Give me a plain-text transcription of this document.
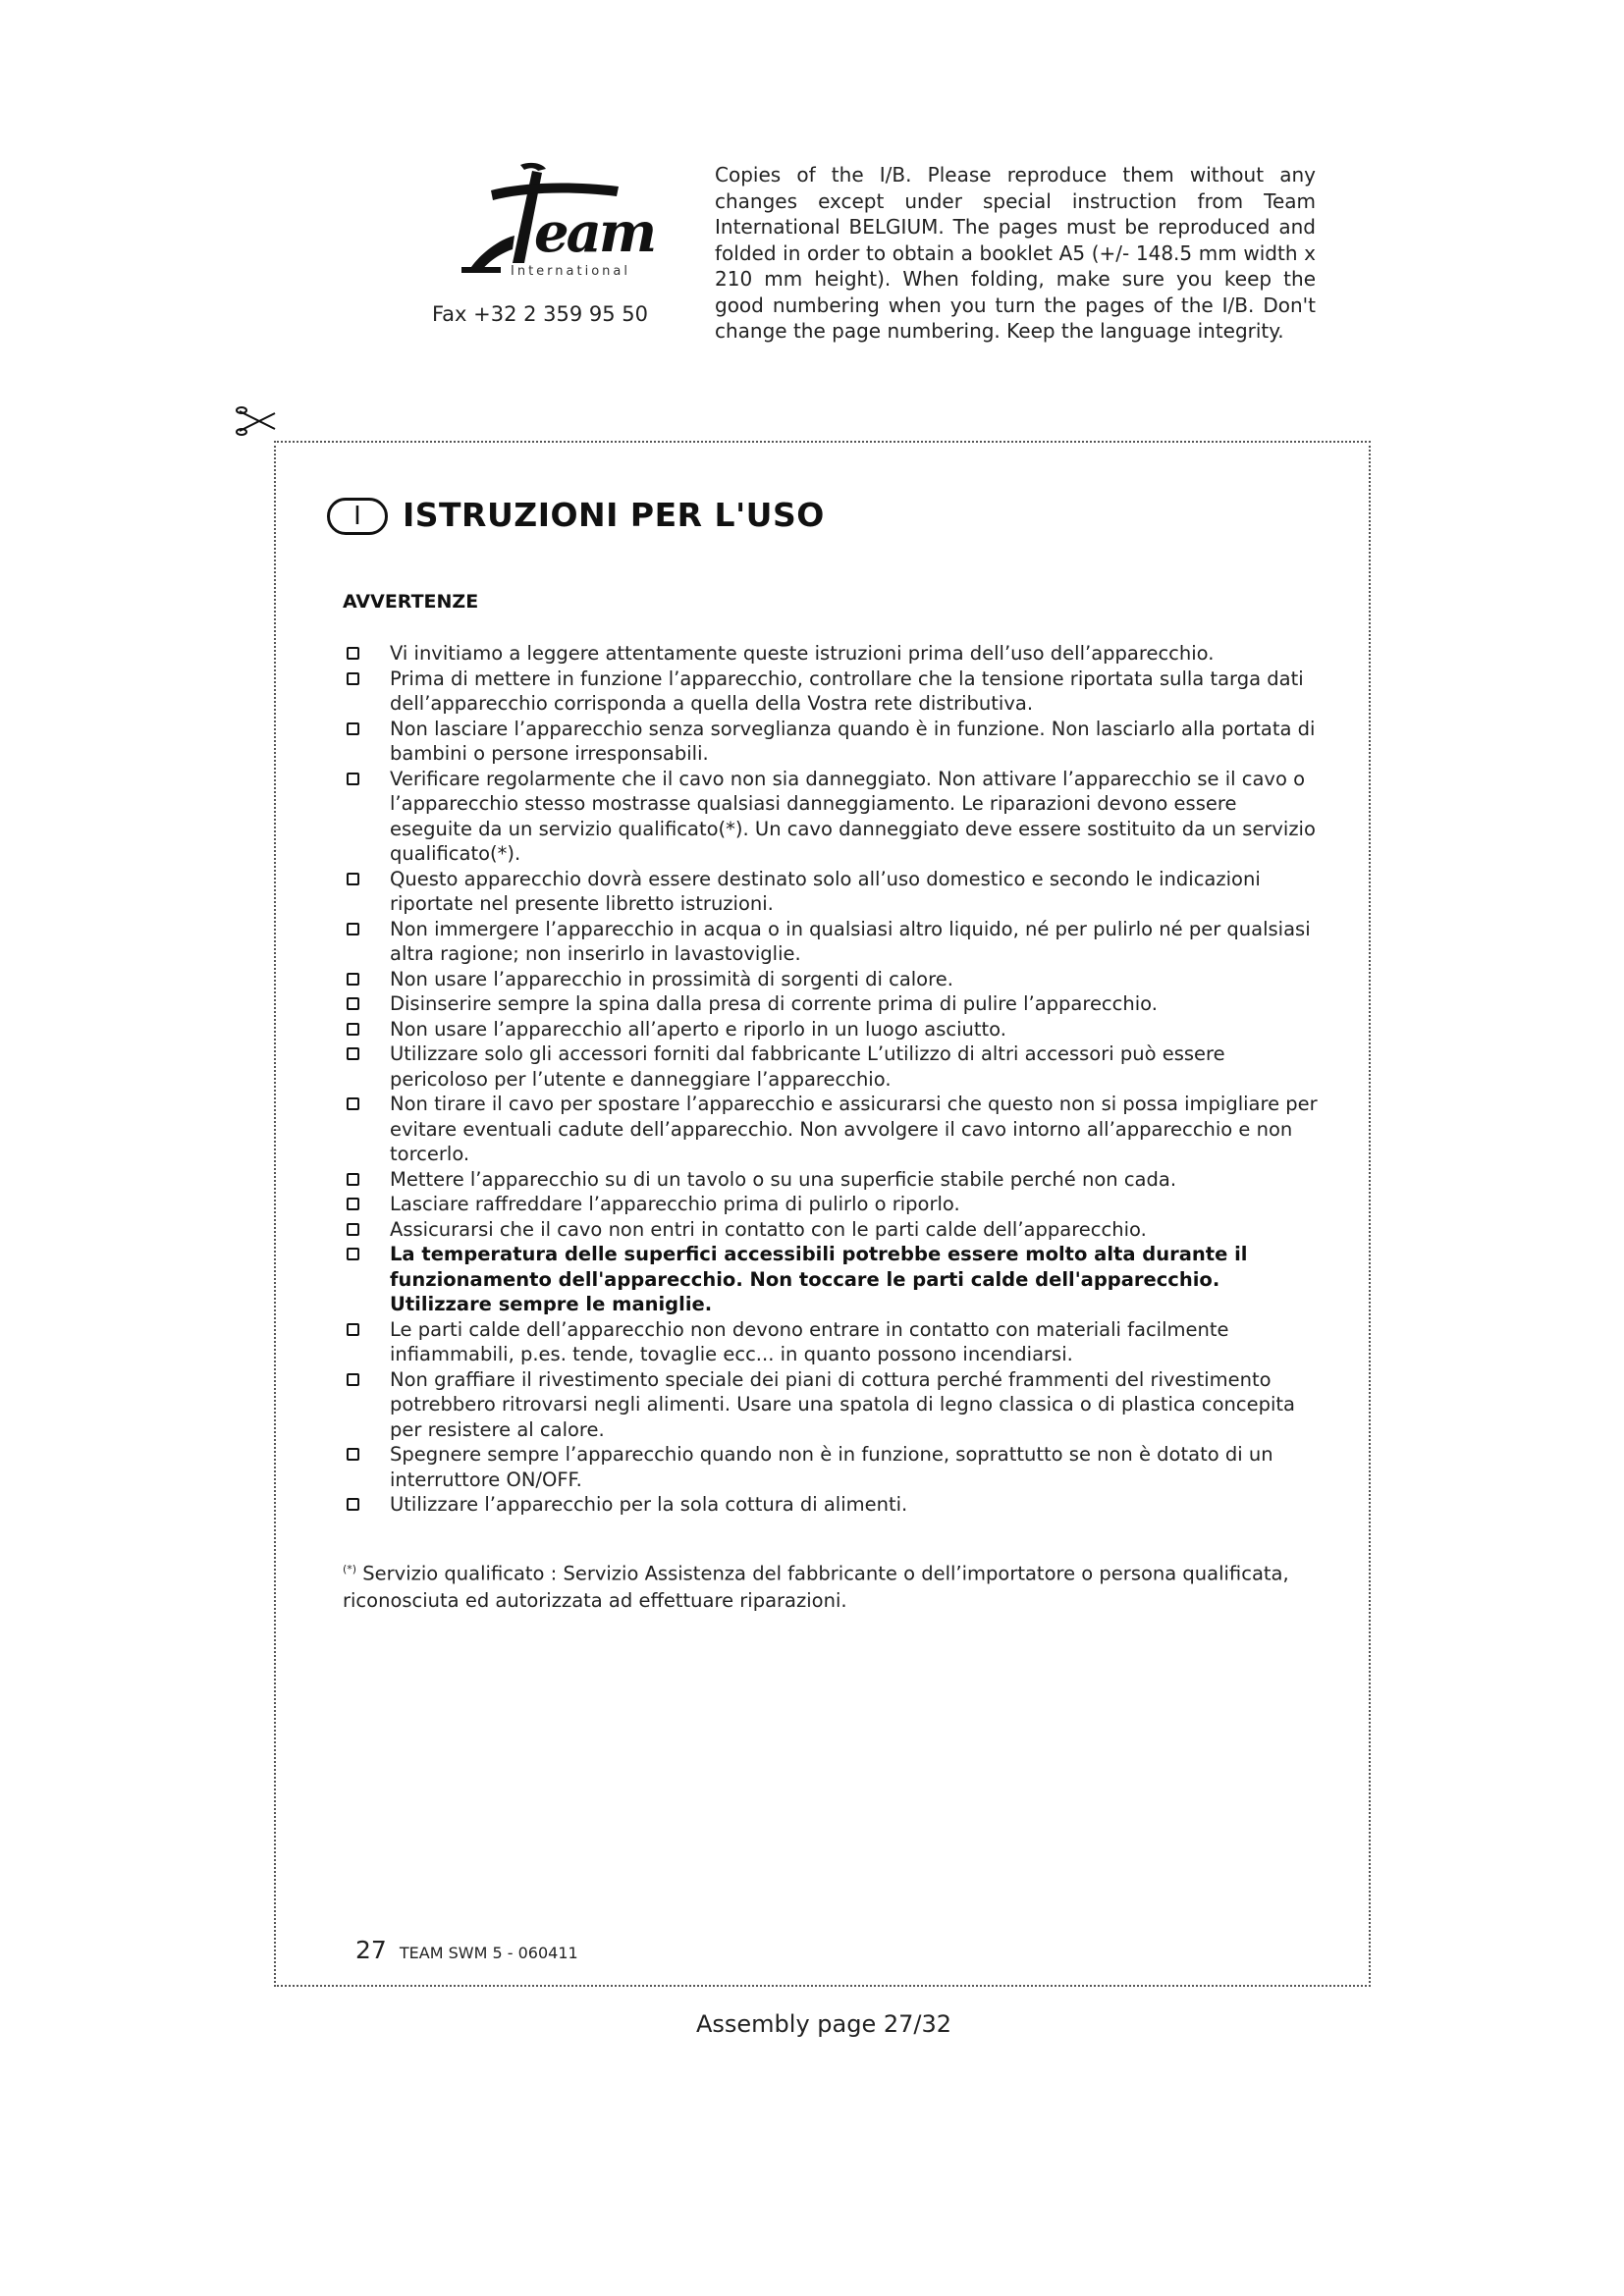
eam
International
Fax +32 2 359 95 50
Copies of the I/B. Please reproduce them without any changes except under special instruction from Team International BELGIUM. The pages must be reproduced and folded in order to obtain a booklet A5 (+/- 148.5 mm width x 210 mm height). When folding, make sure you keep the good numbering when you turn the pages of the I/B. Don't change the page numbering. Keep the language integrity.
I	ISTRUZIONI PER L'USO
AVVERTENZE
Vi invitiamo a leggere attentamente queste istruzioni prima dell’uso dell’apparecchio.
Prima di mettere in funzione l’apparecchio, controllare che la tensione riportata sulla targa dati dell’apparecchio corrisponda a quella della Vostra rete distributiva.
Non lasciare l’apparecchio senza sorveglianza quando è in funzione. Non lasciarlo alla portata di bambini o persone irresponsabili.
Verificare regolarmente che il cavo non sia danneggiato. Non attivare l’apparecchio se il cavo o l’apparecchio stesso mostrasse qualsiasi danneggiamento. Le riparazioni devono essere eseguite da un servizio qualificato(*). Un cavo danneggiato deve essere sostituito da un servizio qualificato(*).
Questo apparecchio dovrà essere destinato solo all’uso domestico e secondo le indicazioni riportate nel presente libretto istruzioni.
Non immergere l’apparecchio in acqua o in qualsiasi altro liquido, né per pulirlo né per qualsiasi altra ragione; non inserirlo in lavastoviglie.
Non usare l’apparecchio in prossimità di sorgenti di calore.
Disinserire sempre la spina dalla presa di corrente prima di pulire l’apparecchio.
Non usare l’apparecchio all’aperto e riporlo in un luogo asciutto.
Utilizzare solo gli accessori forniti dal fabbricante L’utilizzo di altri accessori può essere pericoloso per l’utente e danneggiare l’apparecchio.
Non tirare il cavo per spostare l’apparecchio e assicurarsi che questo non si possa impigliare per evitare eventuali cadute dell’apparecchio. Non avvolgere il cavo intorno all’apparecchio e non torcerlo.
Mettere l’apparecchio su di un tavolo o su una superficie stabile perché non cada.
Lasciare raffreddare l’apparecchio prima di pulirlo o riporlo.
Assicurarsi che il cavo non entri in contatto con le parti calde dell’apparecchio.
La temperatura delle superfici accessibili potrebbe essere molto alta durante il funzionamento dell'apparecchio. Non toccare le parti calde dell'apparecchio. Utilizzare sempre le maniglie.
Le parti calde dell’apparecchio non devono entrare in contatto con materiali facilmente infiammabili, p.es. tende, tovaglie ecc... in quanto possono incendiarsi.
Non graffiare il rivestimento speciale dei piani di cottura perché frammenti del rivestimento potrebbero ritrovarsi negli alimenti. Usare una spatola di legno classica o di plastica concepita per resistere al calore.
Spegnere sempre l’apparecchio quando non è in funzione, soprattutto se non è dotato di un interruttore ON/OFF.
Utilizzare l’apparecchio per la sola cottura di alimenti.
(*) Servizio qualificato : Servizio Assistenza del fabbricante o dell’importatore o persona qualificata, riconosciuta ed autorizzata ad effettuare riparazioni.
27 TEAM SWM 5 - 060411
Assembly page 27/32
